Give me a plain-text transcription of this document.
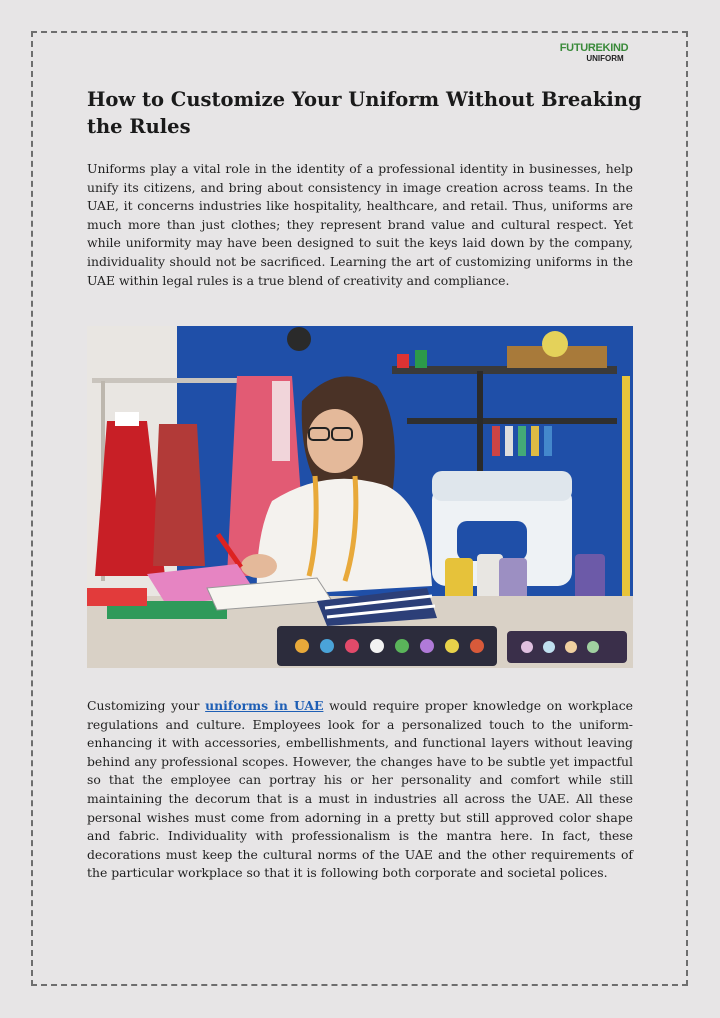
FUTUREKIND
UNIFORM
How to Customize Your Uniform Without Breaking the Rules

Uniforms play a vital role in the identity of a professional identity in businesses, help unify its citizens, and bring about consistency in image creation across teams. In the UAE, it concerns industries like hospitality, healthcare, and retail. Thus, uniforms are much more than just clothes; they represent brand value and cultural respect. Yet while uniformity may have been designed to suit the keys laid down by the company, individuality should not be sacrificed. Learning the art of customizing uniforms in the UAE within legal rules is a true blend of creativity and compliance.

Customizing your uniforms in UAE would require proper knowledge on workplace regulations and culture. Employees look for a personalized touch to the uniform-enhancing it with accessories, embellishments, and functional layers without leaving behind any professional scopes. However, the changes have to be subtle yet impactful so that the employee can portray his or her personality and comfort while still maintaining the decorum that is a must in industries all across the UAE. All these personal wishes must come from adorning in a pretty but still approved color shape and fabric. Individuality with professionalism is the mantra here. In fact, these decorations must keep the cultural norms of the UAE and the other requirements of the particular workplace so that it is following both corporate and societal polices.
